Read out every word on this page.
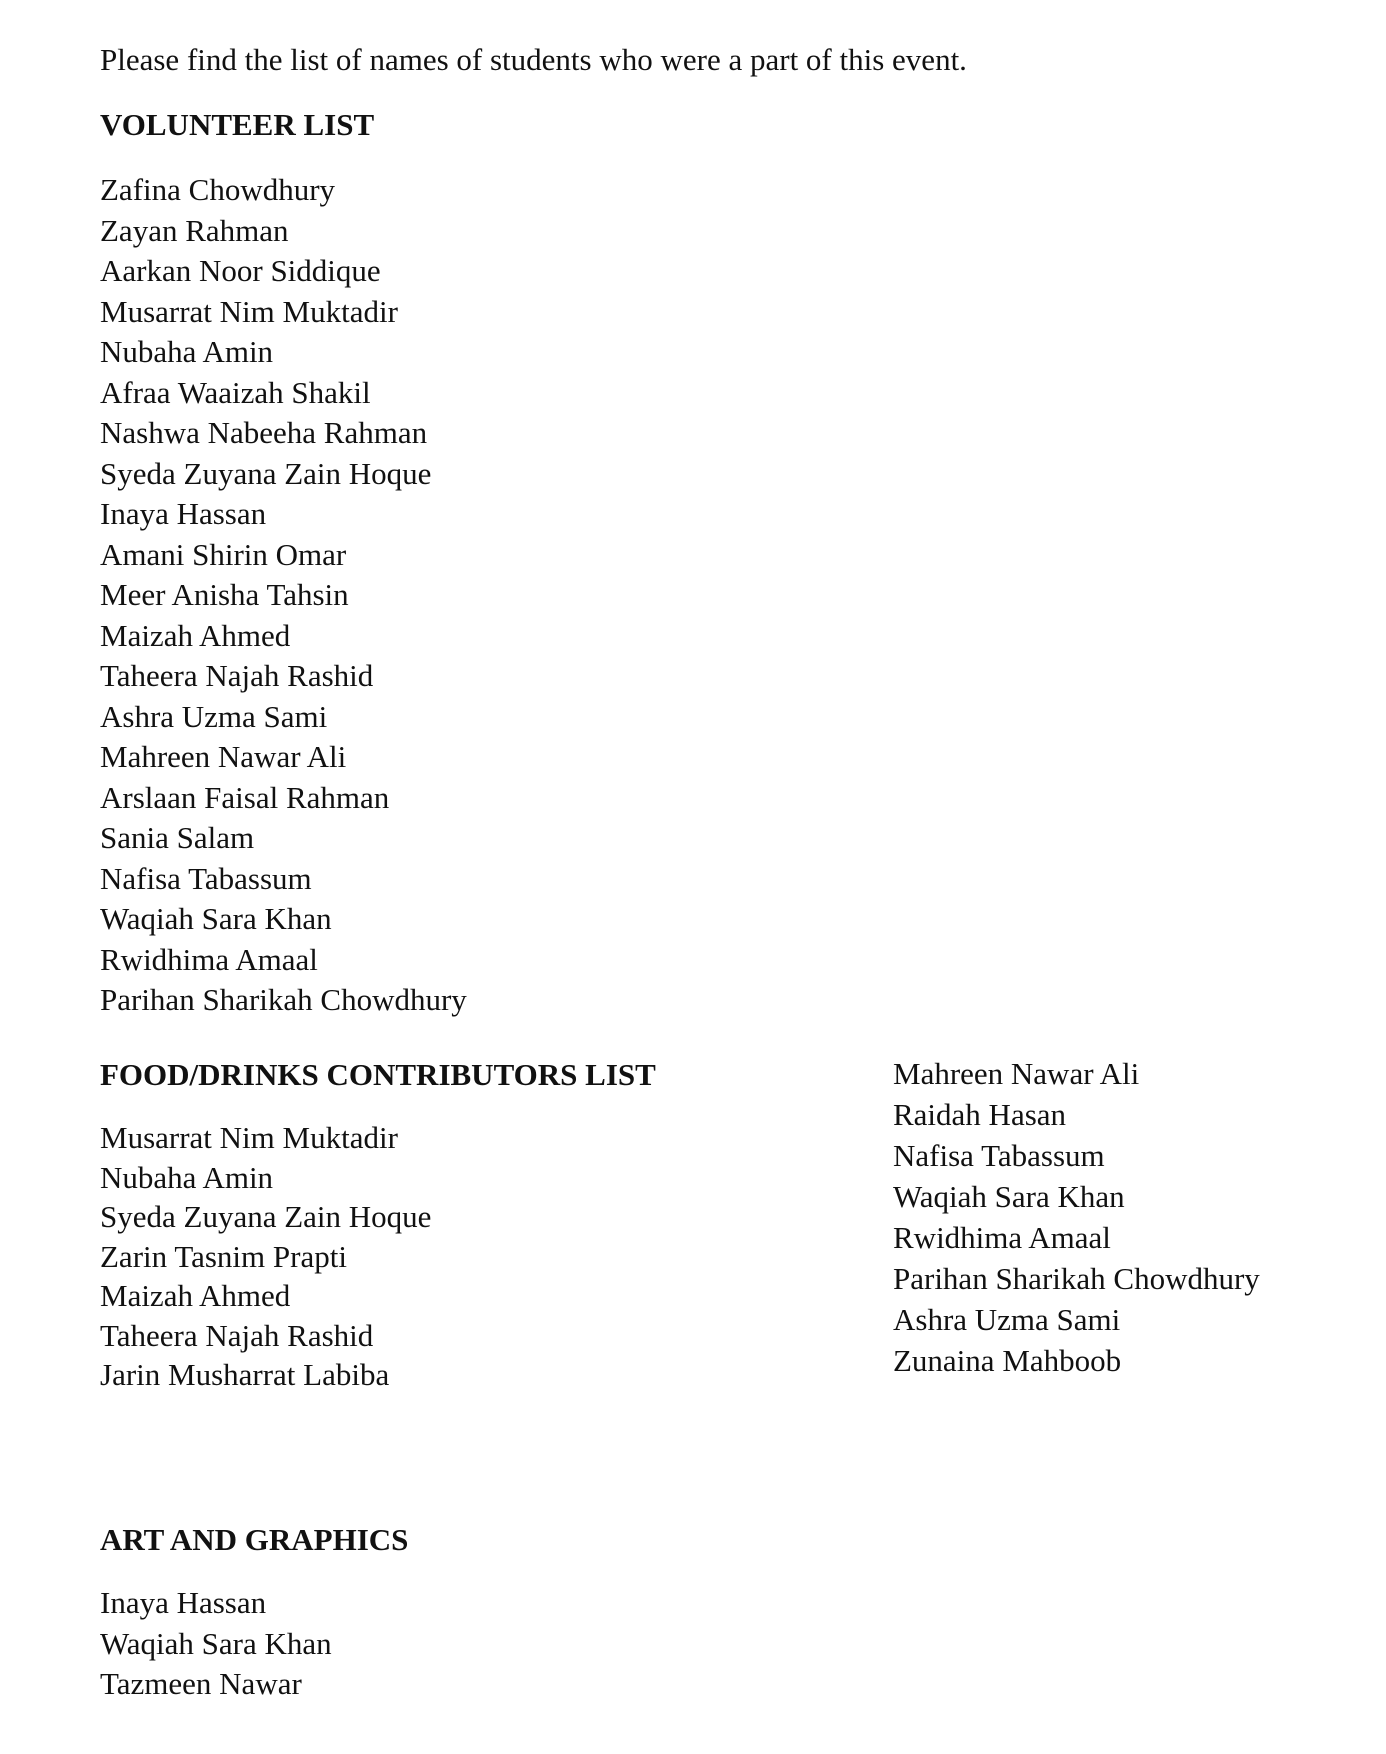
Please find the list of names of students who were a part of this event.
VOLUNTEER LIST
Zafina Chowdhury
Zayan Rahman
Aarkan Noor Siddique
Musarrat Nim Muktadir
Nubaha Amin
Afraa Waaizah Shakil
Nashwa Nabeeha Rahman
Syeda Zuyana Zain Hoque
Inaya Hassan
Amani Shirin Omar
Meer Anisha Tahsin
Maizah Ahmed
Taheera Najah Rashid
Ashra Uzma Sami
Mahreen Nawar Ali
Arslaan Faisal Rahman
Sania Salam
Nafisa Tabassum
Waqiah Sara Khan
Rwidhima Amaal
Parihan Sharikah Chowdhury
FOOD/DRINKS CONTRIBUTORS LIST
Musarrat Nim Muktadir
Nubaha Amin
Syeda Zuyana Zain Hoque
Zarin Tasnim Prapti
Maizah Ahmed
Taheera Najah Rashid
Jarin Musharrat Labiba
Mahreen Nawar Ali
Raidah Hasan
Nafisa Tabassum
Waqiah Sara Khan
Rwidhima Amaal
Parihan Sharikah Chowdhury
Ashra Uzma Sami
Zunaina Mahboob
ART AND GRAPHICS
Inaya Hassan
Waqiah Sara Khan
Tazmeen Nawar
